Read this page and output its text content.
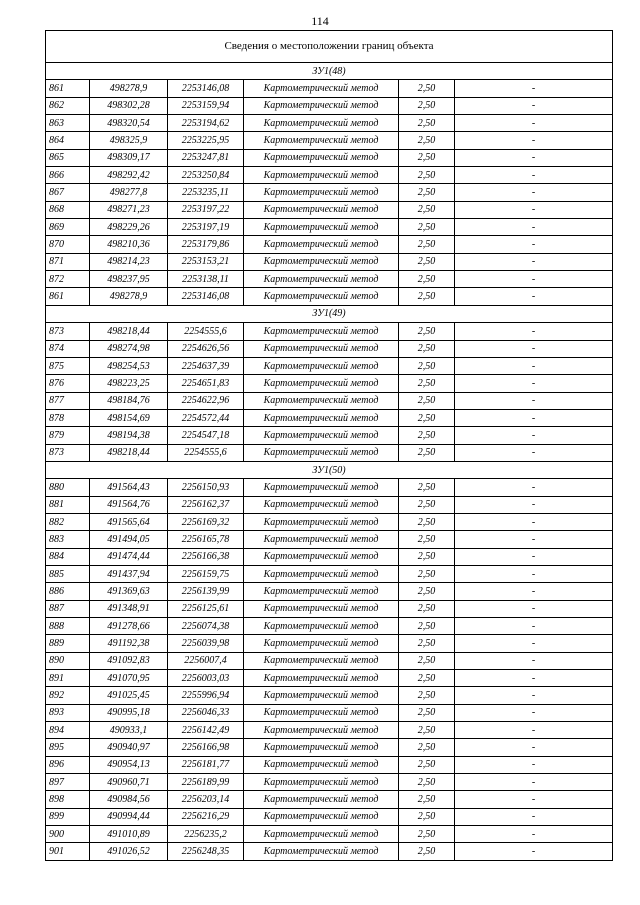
114
Сведения о местоположении границ объекта					
ЗУ1(48)					
861	498278,9	2253146,08	Картометрический метод	2,50	-
862	498302,28	2253159,94	Картометрический метод	2,50	-
863	498320,54	2253194,62	Картометрический метод	2,50	-
864	498325,9	2253225,95	Картометрический метод	2,50	-
865	498309,17	2253247,81	Картометрический метод	2,50	-
866	498292,42	2253250,84	Картометрический метод	2,50	-
867	498277,8	2253235,11	Картометрический метод	2,50	-
868	498271,23	2253197,22	Картометрический метод	2,50	-
869	498229,26	2253197,19	Картометрический метод	2,50	-
870	498210,36	2253179,86	Картометрический метод	2,50	-
871	498214,23	2253153,21	Картометрический метод	2,50	-
872	498237,95	2253138,11	Картометрический метод	2,50	-
861	498278,9	2253146,08	Картометрический метод	2,50	-
ЗУ1(49)					
873	498218,44	2254555,6	Картометрический метод	2,50	-
874	498274,98	2254626,56	Картометрический метод	2,50	-
875	498254,53	2254637,39	Картометрический метод	2,50	-
876	498223,25	2254651,83	Картометрический метод	2,50	-
877	498184,76	2254622,96	Картометрический метод	2,50	-
878	498154,69	2254572,44	Картометрический метод	2,50	-
879	498194,38	2254547,18	Картометрический метод	2,50	-
873	498218,44	2254555,6	Картометрический метод	2,50	-
ЗУ1(50)					
880	491564,43	2256150,93	Картометрический метод	2,50	-
881	491564,76	2256162,37	Картометрический метод	2,50	-
882	491565,64	2256169,32	Картометрический метод	2,50	-
883	491494,05	2256165,78	Картометрический метод	2,50	-
884	491474,44	2256166,38	Картометрический метод	2,50	-
885	491437,94	2256159,75	Картометрический метод	2,50	-
886	491369,63	2256139,99	Картометрический метод	2,50	-
887	491348,91	2256125,61	Картометрический метод	2,50	-
888	491278,66	2256074,38	Картометрический метод	2,50	-
889	491192,38	2256039,98	Картометрический метод	2,50	-
890	491092,83	2256007,4	Картометрический метод	2,50	-
891	491070,95	2256003,03	Картометрический метод	2,50	-
892	491025,45	2255996,94	Картометрический метод	2,50	-
893	490995,18	2256046,33	Картометрический метод	2,50	-
894	490933,1	2256142,49	Картометрический метод	2,50	-
895	490940,97	2256166,98	Картометрический метод	2,50	-
896	490954,13	2256181,77	Картометрический метод	2,50	-
897	490960,71	2256189,99	Картометрический метод	2,50	-
898	490984,56	2256203,14	Картометрический метод	2,50	-
899	490994,44	2256216,29	Картометрический метод	2,50	-
900	491010,89	2256235,2	Картометрический метод	2,50	-
901	491026,52	2256248,35	Картометрический метод	2,50	-
